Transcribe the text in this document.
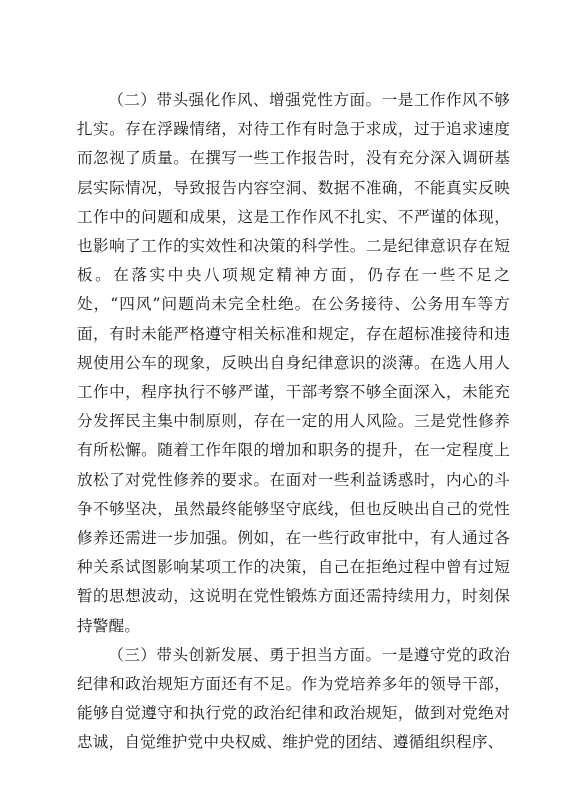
（二）带头强化作风、增强党性方面。一是工作作风不够扎实。存在浮躁情绪，对待工作有时急于求成，过于追求速度而忽视了质量。在撰写一些工作报告时，没有充分深入调研基层实际情况，导致报告内容空洞、数据不准确，不能真实反映工作中的问题和成果，这是工作作风不扎实、不严谨的体现，也影响了工作的实效性和决策的科学性。二是纪律意识存在短板。在落实中央八项规定精神方面，仍存在一些不足之处，“四风”问题尚未完全杜绝。在公务接待、公务用车等方面，有时未能严格遵守相关标准和规定，存在超标准接待和违规使用公车的现象，反映出自身纪律意识的淡薄。在选人用人工作中，程序执行不够严谨，干部考察不够全面深入，未能充分发挥民主集中制原则，存在一定的用人风险。三是党性修养有所松懈。随着工作年限的增加和职务的提升，在一定程度上放松了对党性修养的要求。在面对一些利益诱惑时，内心的斗争不够坚决，虽然最终能够坚守底线，但也反映出自己的党性修养还需进一步加强。例如，在一些行政审批中，有人通过各种关系试图影响某项工作的决策，自己在拒绝过程中曾有过短暂的思想波动，这说明在党性锻炼方面还需持续用力，时刻保持警醒。

（三）带头创新发展、勇于担当方面。一是遵守党的政治纪律和政治规矩方面还有不足。作为党培养多年的领导干部，能够自觉遵守和执行党的政治纪律和政治规矩，做到对党绝对忠诚，自觉维护党中央权威、维护党的团结、遵循组织程序、
